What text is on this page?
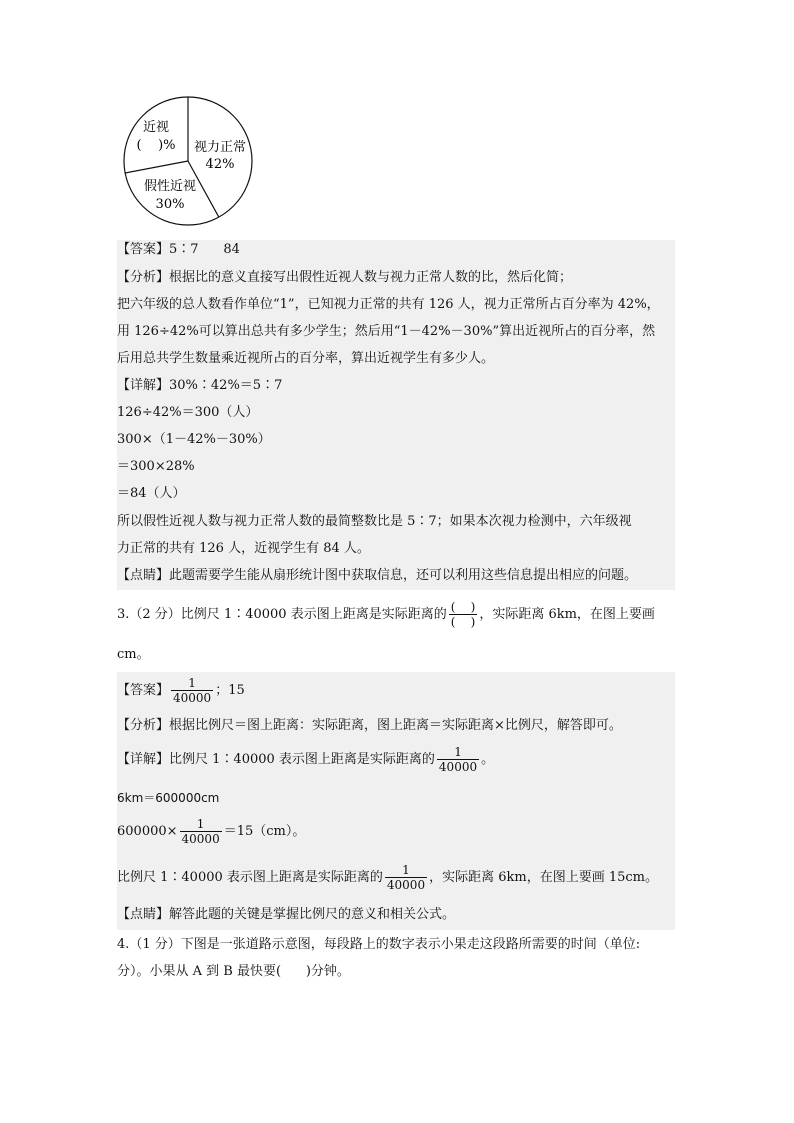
视力正常
42%
假性近视
30%
近视
(    )%
【答案】5∶7      84
【分析】根据比的意义直接写出假性近视人数与视力正常人数的比，然后化简；
把六年级的总人数看作单位“1”，已知视力正常的共有 126 人，视力正常所占百分率为 42%，
用 126÷42%可以算出总共有多少学生；然后用“1－42%－30%”算出近视所占的百分率，然
后用总共学生数量乘近视所占的百分率，算出近视学生有多少人。
【详解】30%∶42%＝5∶7
126÷42%＝300（人）
300×（1－42%－30%）
＝300×28%
＝84（人）
所以假性近视人数与视力正常人数的最简整数比是 5∶7；如果本次视力检测中，六年级视
力正常的共有 126 人，近视学生有 84 人。
【点睛】此题需要学生能从扇形统计图中获取信息，还可以利用这些信息提出相应的问题。
3.（2 分）比例尺 1∶40000 表示图上距离是实际距离的 $\frac{( )}{( )}$ ，实际距离 6km，在图上要画
cm。
【答案】 $\frac{1}{40000}$ ；15
【分析】根据比例尺＝图上距离：实际距离，图上距离＝实际距离×比例尺，解答即可。
【详解】比例尺 1∶40000 表示图上距离是实际距离的 $\frac{1}{40000}$ 。
6km＝600000cm
$600000\times \frac{1}{40000} =15(cm)$。
比例尺 1∶40000 表示图上距离是实际距离的 $\frac{1}{40000}$ ，实际距离 6km，在图上要画 15cm。
【点睛】解答此题的关键是掌握比例尺的意义和相关公式。
4.（1 分）下图是一张道路示意图，每段路上的数字表示小果走这段路所需要的时间（单位:
分）。小果从 A 到 B 最快要(      )分钟。
